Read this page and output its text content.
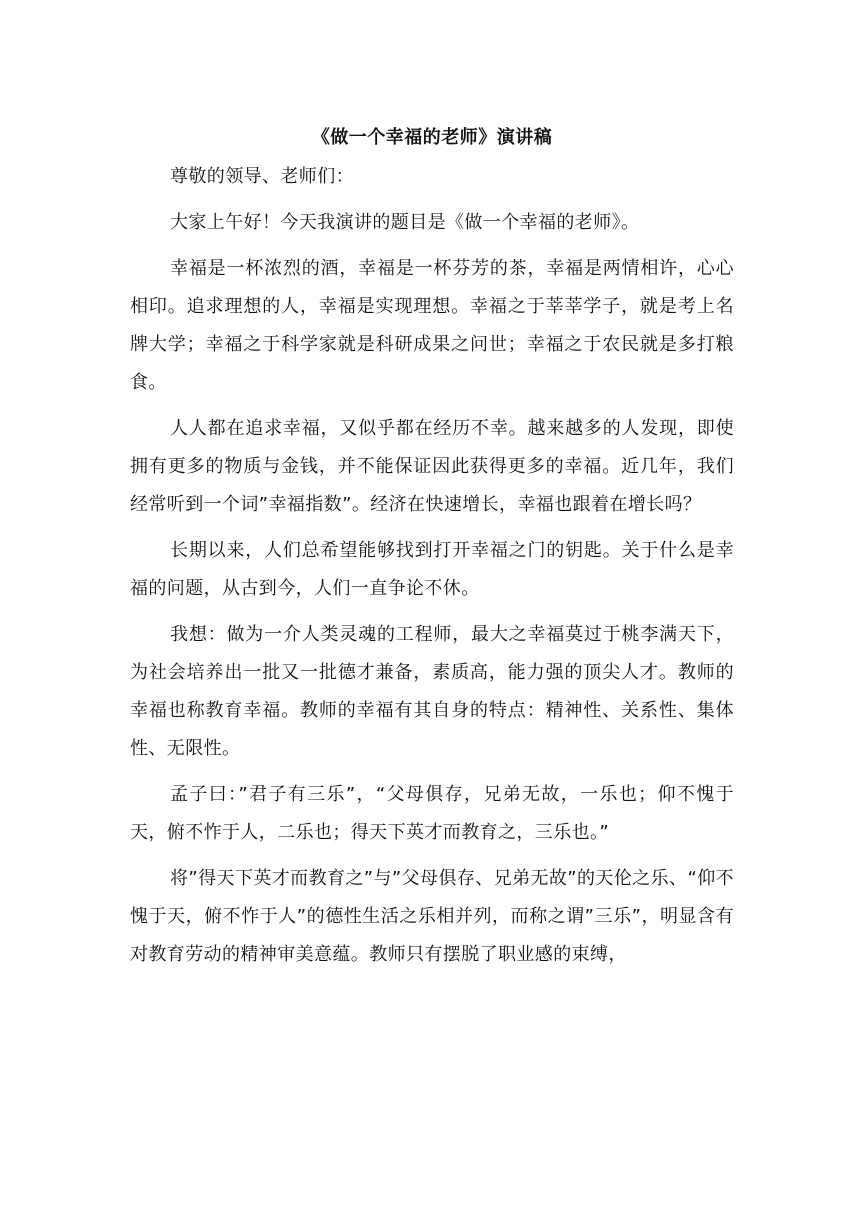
《做一个幸福的老师》演讲稿

尊敬的领导、老师们：

大家上午好！今天我演讲的题目是《做一个幸福的老师》。

幸福是一杯浓烈的酒，幸福是一杯芬芳的茶，幸福是两情相许，心心相印。追求理想的人，幸福是实现理想。幸福之于莘莘学子，就是考上名牌大学；幸福之于科学家就是科研成果之问世；幸福之于农民就是多打粮食。

人人都在追求幸福，又似乎都在经历不幸。越来越多的人发现，即使拥有更多的物质与金钱，并不能保证因此获得更多的幸福。近几年，我们经常听到一个词”幸福指数”。经济在快速增长，幸福也跟着在增长吗？

长期以来，人们总希望能够找到打开幸福之门的钥匙。关于什么是幸福的问题，从古到今，人们一直争论不休。

我想：做为一介人类灵魂的工程师，最大之幸福莫过于桃李满天下，为社会培养出一批又一批德才兼备，素质高，能力强的顶尖人才。教师的幸福也称教育幸福。教师的幸福有其自身的特点：精神性、关系性、集体性、无限性。

孟子曰：”君子有三乐”，“父母俱存，兄弟无故，一乐也；仰不愧于天，俯不怍于人，二乐也；得天下英才而教育之，三乐也。”

将”得天下英才而教育之”与”父母俱存、兄弟无故”的天伦之乐、“仰不愧于天，俯不怍于人”的德性生活之乐相并列，而称之谓”三乐”，明显含有对教育劳动的精神审美意蕴。教师只有摆脱了职业感的束缚，
